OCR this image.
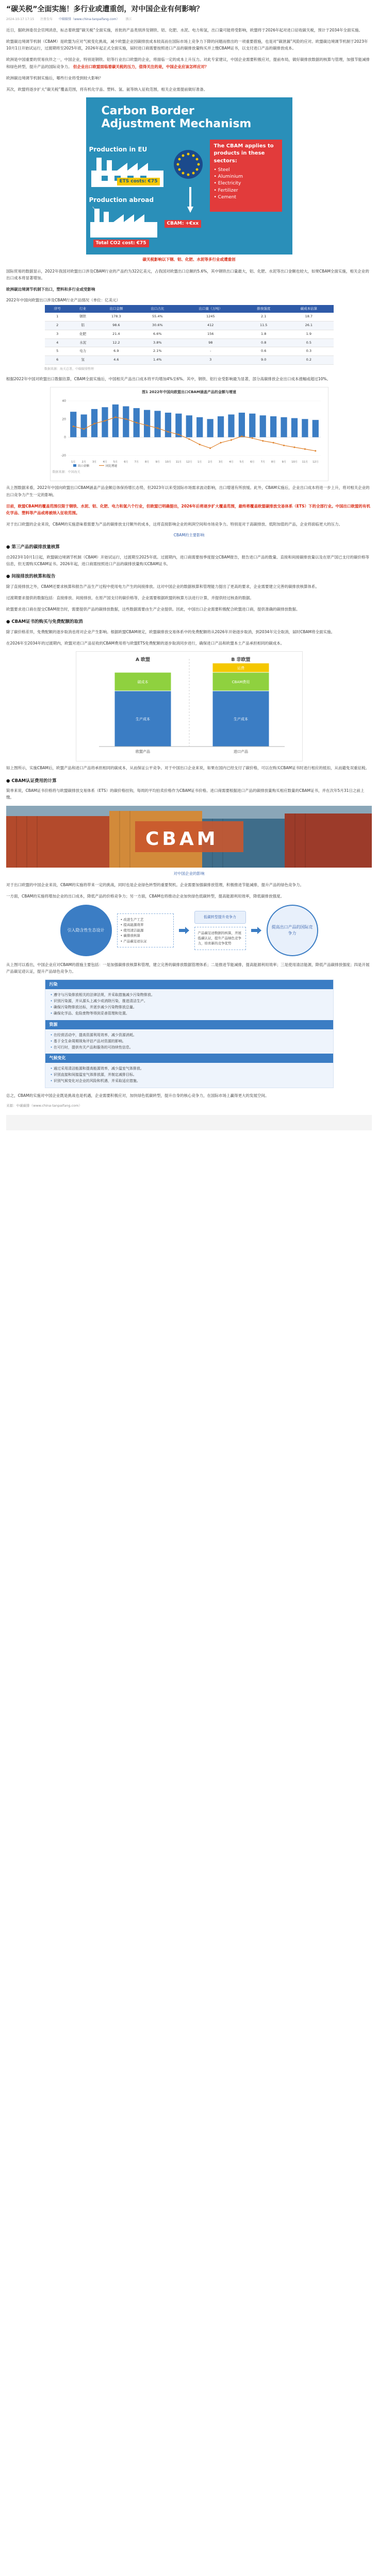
“碳关税”全面实施！多行业或遭重创，对中国企业有何影响？
2024-10-17 17:15 注册发布 中碳碳排（www.china-tanpaifang.com） 浙江

近日，据欧洲委员会官网消息，标志着欧盟“碳关税”全面实施，首批的产品类别涉及钢铁、铝、化肥、水泥、电力和氢，出口量可能将受影响，欧盟将于2026年起对进口征收碳关税，预计于2034年全面实施。

欧盟碳边境调节机制（CBAM）是欧盟为应对气候变化挑战，减少欧盟企业因碳排放成本较高而在国际市场上竞争力下降的问题而推出的一项重要措施，也是对“碳泄漏”风险的应对。欧盟碳边境调节机制于2023年10月1日开始试运行，过渡期将至2025年底，2026年起正式全面实施，届时进口商需要按照进口产品的碳排放量购买并上缴CBAM证书，以支付进口产品的碳排放成本。

欧洲是中国重要的贸易伙伴之一，中国企业，特别是钢铁、铝等行业出口欧盟的企业，将面临一定的成本上升压力。对此专家建议，中国企业需要积极应对，提前布局，做好碳排放数据的核算与管理，加强节能减排和绿色转型，提升产品的国际竞争力。 但企业出口欧盟面临着碳关税的压力，值得关注的是，中国企业应该怎样应对？

欧洲碳边境调节机制实施后，哪些行业将受到较大影响？

其次，欧盟将逐步扩大“碳关税”覆盖范围，将有机化学品、塑料、氢、氨等纳入征收范围，相关企业需提前做好准备。

Carbon Border
Adjustment Mechanism
Production in EU
ETS costs: €75
The CBAM applies to products in these sectors:
• Steel
• Aluminium
• Electricity
• Fertilizer
• Cement
Production abroad
CBAM: +€xx
Total CO2 cost: €75
碳关税影响以下钢、铝、化肥、水泥等多行业或遭重创

国际贸易的数据显示，2022年我国对欧盟出口涉及CBAM行业的产品约为322亿美元，占我国对欧盟出口总额的5.6%，其中钢铁出口量最大，铝、化肥、水泥等出口金额也较大，如果CBAM全面实施，相关企业的出口成本将显著增加。

欧洲碳边境调节机制下出口，塑料和多行业或受影响

2022年中国向欧盟出口涉及CBAM行业产品情况（单位：亿美元）
序号	行业	出口金额	出口占比	出口量（万吨）	排放强度	碳成本估算
1	钢铁	178.3	55.4%	1245	2.1	18.7
2	铝	98.6	30.6%	412	11.5	26.1
3	化肥	21.4	6.6%	156	1.8	1.9
4	水泥	12.2	3.8%	98	0.8	0.5
5	电力	6.9	2.1%	-	0.6	0.3
6	氢	4.6	1.4%	3	9.0	0.2
数据来源：海关总署，中碳碳排整理

根据2022年中国对欧盟出口数据估算，CBAM全面实施后，中国相关产品出口成本将平均增加4%至6%。其中，钢铁、铝行业受影响最为显著，部分高碳排放企业出口成本涨幅或超过10%。

图1 2022年中国向欧盟出口CBAM涵盖产品的金额与增速
-20
0
20
40
1月 2月 3月 4月 5月 6月 7月 8月 9月 10月 11月 12月 1月 2月 3月 4月 5月 6月 7月 8月 9月 10月 11月 12月
出口金额	同比增速
数据来源：中国海关

从上图数据来看，2022年中国向欧盟出口CBAM涵盖产品金额总体保持增长态势，但2023年以来受国际市场需求波动影响，出口增速有所放缓。此外，CBAM实施后，企业出口成本将进一步上升，将对相关企业的出口竞争力产生一定的影响。

目前，欧盟CBAM的覆盖范围仅限于钢铁、水泥、铝、化肥、电力和氢六个行业，但欧盟已明确提出，2026年后将逐步扩大覆盖范围，最终将覆盖欧盟碳排放交易体系（ETS）下的全部行业。中国出口欧盟的有机化学品、塑料等产品或将被纳入征收范围。

对于出口欧盟的企业来说，CBAM的实施意味着需要为产品的碳排放支付额外的成本，这将直接影响企业的利润空间和市场竞争力。特别是对于高碳排放、低附加值的产品，企业将面临更大的压力。

CBAM的主要影响

● 第三产品的碳排放量核算

自2023年10月1日起，欧盟碳边境调节机制（CBAM）开始试运行，过渡期至2025年底。过渡期内，进口商需要按季度提交CBAM报告，报告进口产品的数量、直接和间接碳排放量以及在原产国已支付的碳价格等信息，但无需购买CBAM证书。2026年起，进口商需按照进口产品的碳排放量购买CBAM证书。

● 间接排放的核算和报告

除了直接排放之外，CBAM还要求核算和报告产品生产过程中使用电力产生的间接排放。这对中国企业的数据核算和管理能力提出了更高的要求，企业需要建立完善的碳排放核算体系。

过渡期要求提供的数据包括：直接排放、间接排放、在原产国支付的碳价格等，企业需要根据欧盟的核算方法进行计算，并提供经过核查的数据。

欧盟要求进口商在提交CBAM报告时，需要提供产品的碳排放数据，这些数据需要由生产企业提供。因此，中国出口企业需要积极配合欧盟进口商，提供准确的碳排放数据。

● CBAM证书的购买与免费配额的取消

除了碳价格差异，免费配额的逐步取消也将对企业产生影响。根据欧盟CBAM规定，欧盟碳排放交易体系中的免费配额将从2026年开始逐步取消，到2034年完全取消，届时CBAM将全面实施。

在2026年至2034年的过渡期内，欧盟对进口产品征收的CBAM费用将与欧盟ETS免费配额的逐步取消同步进行，确保进口产品和欧盟本土产品承担相同的碳成本。

A 欧盟	B 非欧盟
生产成本
碳成本
欧盟产品
生产成本
CBAM费用
运费
进口产品

如上图所示，实施CBAM后，欧盟产品和进口产品将承担相同的碳成本，从而保证公平竞争。对于中国出口企业来说，如果在国内已经支付了碳价格，可以在购买CBAM证书时进行相应的抵扣，从而避免双重征税。

● CBAM认证费用的计算

简单来说，CBAM证书价格将与欧盟碳排放交易体系（ETS）的碳价格挂钩，每周的平均拍卖价格作为CBAM证书价格。进口商需要根据进口产品的碳排放量购买相应数量的CBAM证书，并在次年5月31日之前上缴。

CBAM
对中国企业的影响

对于出口欧盟的中国企业来说，CBAM的实施将带来一定的挑战，同时也是企业绿色转型的重要契机。企业需要加强碳排放管理，积极推进节能减排，提升产品的绿色竞争力。

一方面，CBAM的实施将增加企业的出口成本，降低产品的价格竞争力；另一方面，CBAM也将推动企业加快绿色低碳转型，提高能源利用效率，降低碳排放强度。

引入隐含性生态设计
• 改进生产工艺
• 提高能源效率
• 使用清洁能源
• 碳排放核算
• 产品碳足迹认证
低碳转型提升竞争力
产品碳足迹数据的核算，开展低碳认证，提升产品绿色竞争力，培育新的竞争优势
提高出口产品的国际竞争力

从上图可以看出，中国企业应对CBAM的措施主要包括：一是加强碳排放核算和管理，建立完善的碳排放数据管理体系；二是推进节能减排，提高能源利用效率；三是使用清洁能源，降低产品碳排放强度；四是开展产品碳足迹认证，提升产品绿色竞争力。

污染
• 遵守与污染排放相关的法律法规，并采取措施减少污染物排放。
• 识别污染源，并从源头上减少或消除污染，推进清洁生产。
• 确保污染物排放达标，并逐步减少污染物排放总量。
• 确保化学品、危险废物等得到妥善管理和处置。
资源
• 在经营活动中，提高资源利用效率，减少资源消耗。
• 基于全生命周期视角评估产品对资源的影响。
• 在可行时，提供有关产品和服务的可持续性信息。
气候变化
• 通过采用清洁能源和提高能源效率，减少温室气体排放。
• 识别直接和间接温室气体排放源，并制定减排目标。
• 识别气候变化对企业的风险和机遇，并采取适应措施。

总之，CBAM的实施对中国企业既是挑战也是机遇，企业需要积极应对，加快绿色低碳转型，提升自身的核心竞争力，在国际市场上赢得更大的发展空间。

来源：中碳碳排（www.china-tanpaifang.com）
